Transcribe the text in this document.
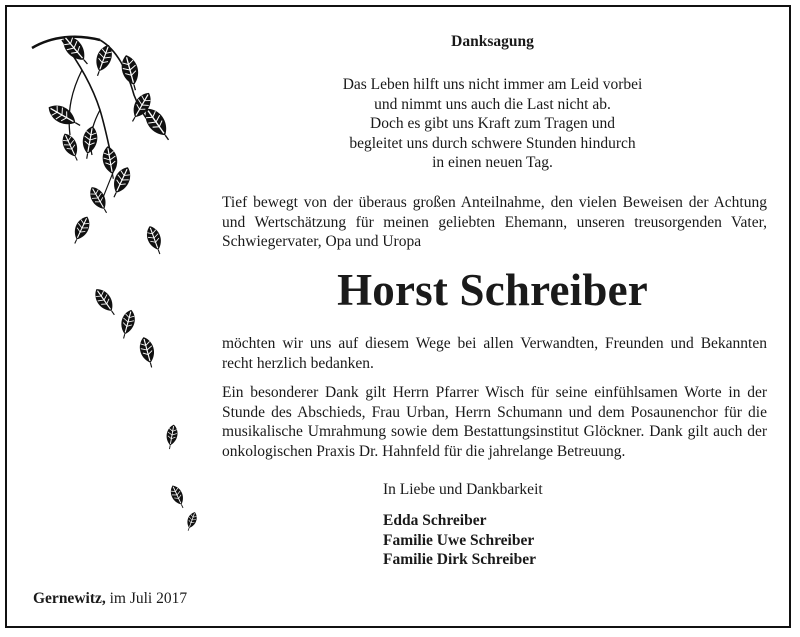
Danksagung
Das Leben hilft uns nicht immer am Leid vorbei
und nimmt uns auch die Last nicht ab.
Doch es gibt uns Kraft zum Tragen und
begleitet uns durch schwere Stunden hindurch
in einen neuen Tag.
Tief bewegt von der überaus großen Anteilnahme, den vielen Beweisen der Achtung und Wertschätzung für meinen geliebten Ehemann, unseren treusorgenden Vater, Schwiegervater, Opa und Uropa
Horst Schreiber
möchten wir uns auf diesem Wege bei allen Verwandten, Freunden und Bekannten recht herzlich bedanken.
Ein besonderer Dank gilt Herrn Pfarrer Wisch für seine einfühlsamen Worte in der Stunde des Abschieds, Frau Urban, Herrn Schumann und dem Posaunenchor für die musikalische Umrahmung sowie dem Bestattungsinstitut Glöckner. Dank gilt auch der onkologischen Praxis Dr. Hahnfeld für die jahrelange Betreuung.
In Liebe und Dankbarkeit
Edda Schreiber
Familie Uwe Schreiber
Familie Dirk Schreiber
Gernewitz, im Juli 2017
